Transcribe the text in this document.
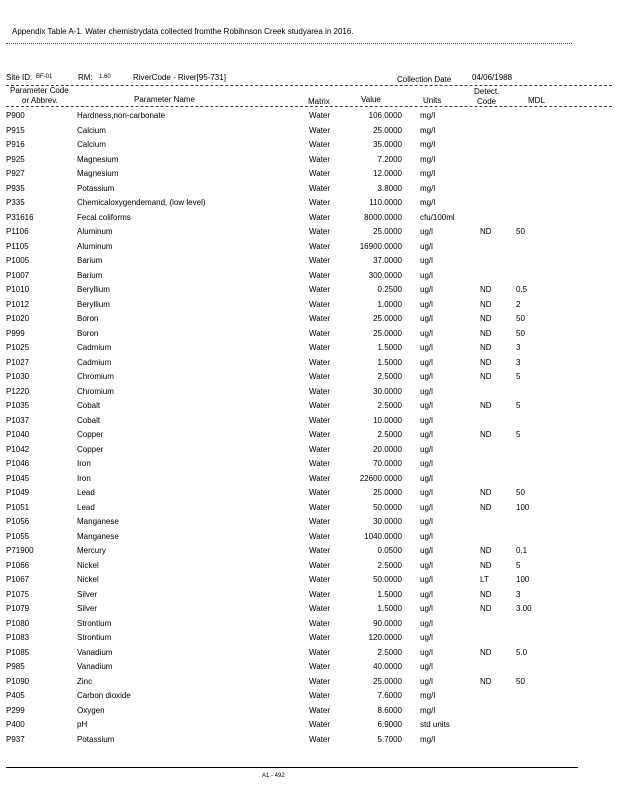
Appendix Table A-1. Water chemistrydata collected fromthe Robihnson Creek studyarea in 2016.
Site ID: BF-01	RM: 1.60	RiverCode - River[95-731]	Collection Date	04/06/1988
Parameter Code
or Abbrev.	Parameter Name	Matrix	Value	Units
Detect.
Code	MDL
P900	Hardness,non-carbonate	Water	106.0000 mg/l
P915	Calcium	Water	25.0000 mg/l
P916	Calcium	Water	35.0000 mg/l
P925	Magnesium	Water	7.2000 mg/l
P927	Magnesium	Water	12.0000 mg/l
P935	Potassium	Water	3.8000 mg/l
P335	Chemicaloxygendemand, (low level)	Water	110.0000 mg/l
P31616	Fecal coliforms	Water	8000.0000 cfu/100ml
P1106	Aluminum	Water	25.0000 ug/l	ND	50
P1105	Aluminum	Water	16900.0000 ug/l
P1005	Barium	Water	37.0000 ug/l
P1007	Barium	Water	300.0000 ug/l
P1010	Beryllium	Water	0.2500 ug/l	ND	0.5
P1012	Beryllium	Water	1.0000 ug/l	ND	2
P1020	Boron	Water	25.0000 ug/l	ND	50
P999	Boron	Water	25.0000 ug/l	ND	50
P1025	Cadmium	Water	1.5000 ug/l	ND	3
P1027	Cadmium	Water	1.5000 ug/l	ND	3
P1030	Chromium	Water	2.5000 ug/l	ND	5
P1220	Chromium	Water	30.0000 ug/l
P1035	Cobalt	Water	2.5000 ug/l	ND	5
P1037	Cobalt	Water	10.0000 ug/l
P1040	Copper	Water	2.5000 ug/l	ND	5
P1042	Copper	Water	20.0000 ug/l
P1046	Iron	Water	70.0000 ug/l
P1045	Iron	Water	22600.0000 ug/l
P1049	Lead	Water	25.0000 ug/l	ND	50
P1051	Lead	Water	50.0000 ug/l	ND	100
P1056	Manganese	Water	30.0000 ug/l
P1055	Manganese	Water	1040.0000 ug/l
P71900	Mercury	Water	0.0500 ug/l	ND	0.1
P1066	Nickel	Water	2.5000 ug/l	ND	5
P1067	Nickel	Water	50.0000 ug/l	LT	100
P1075	Silver	Water	1.5000 ug/l	ND	3
P1079	Silver	Water	1.5000 ug/l	ND	3.00
P1080	Strontium	Water	90.0000 ug/l
P1083	Strontium	Water	120.0000 ug/l
P1085	Vanadium	Water	2.5000 ug/l	ND	5.0
P985	Vanadium	Water	40.0000 ug/l
P1090	Zinc	Water	25.0000 ug/l	ND	50
P405	Carbon dioxide	Water	7.6000 mg/l
P299	Oxygen	Water	8.6000 mg/l
P400	pH	Water	6.9000 std units
P937	Potassium	Water	5.7000 mg/l
A1 - 492
